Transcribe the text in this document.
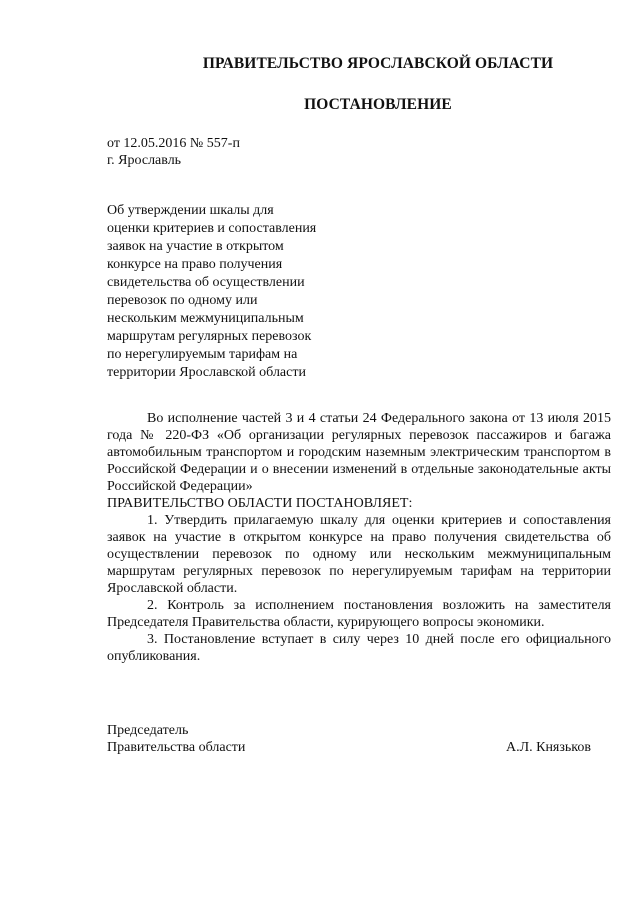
ПРАВИТЕЛЬСТВО ЯРОСЛАВСКОЙ ОБЛАСТИ
ПОСТАНОВЛЕНИЕ
от 12.05.2016 № 557-п
г. Ярославль
Об утверждении шкалы для
оценки критериев и сопоставления
заявок на участие в открытом
конкурсе на право получения
свидетельства об осуществлении
перевозок по одному или
нескольким межмуниципальным
маршрутам регулярных перевозок
по нерегулируемым тарифам на
территории Ярославской области

Во исполнение частей 3 и 4 статьи 24 Федерального закона от 13 июля 2015 года № 220-ФЗ «Об организации регулярных перевозок пассажиров и багажа автомобильным транспортом и городским наземным электрическим транспортом в Российской Федерации и о внесении изменений в отдельные законодательные акты Российской Федерации»

ПРАВИТЕЛЬСТВО ОБЛАСТИ ПОСТАНОВЛЯЕТ:

1. Утвердить прилагаемую шкалу для оценки критериев и сопоставления заявок на участие в открытом конкурсе на право получения свидетельства об осуществлении перевозок по одному или нескольким межмуниципальным маршрутам регулярных перевозок по нерегулируемым тарифам на территории Ярославской области.

2. Контроль за исполнением постановления возложить на заместителя Председателя Правительства области, курирующего вопросы экономики.

3. Постановление вступает в силу через 10 дней после его официального опубликования.

Председатель
Правительства области	А.Л. Князьков
